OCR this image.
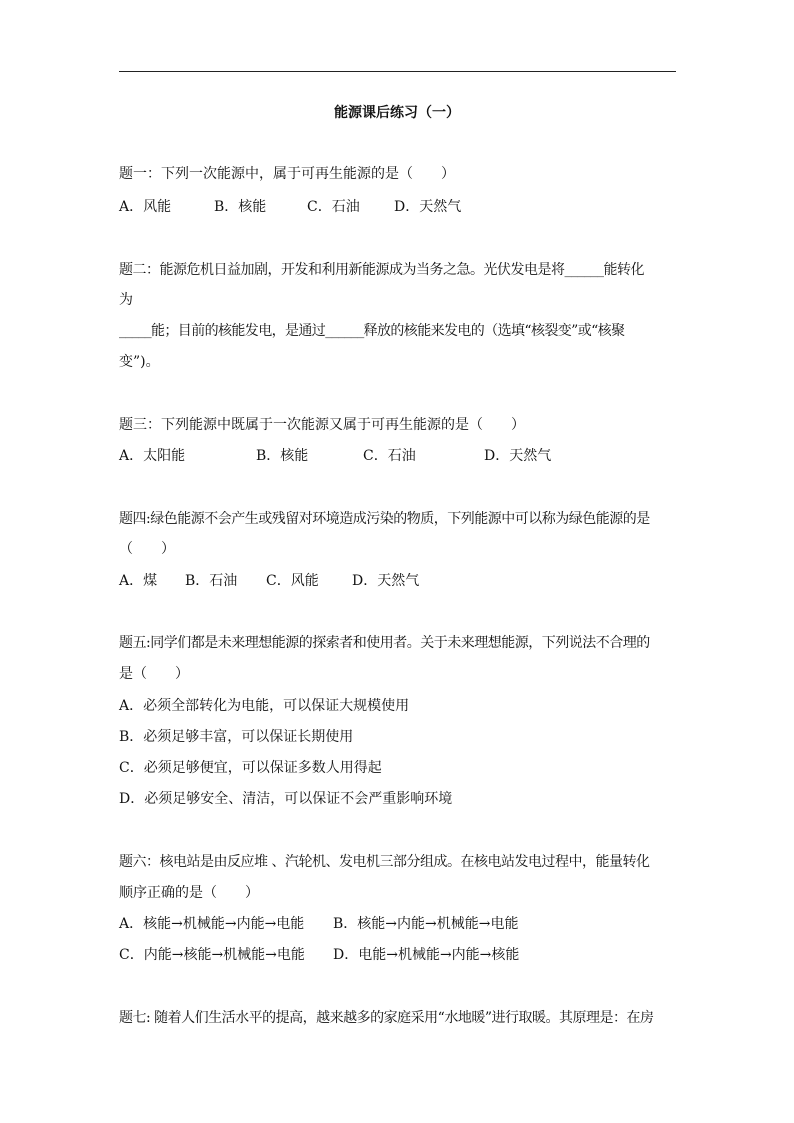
能源课后练习（一）
题一：下列一次能源中，属于可再生能源的是（　　）
A．风能	B．核能	C．石油 D．天然气
题二：能源危机日益加剧，开发和利用新能源成为当务之急。光伏发电是将______能转化
为
_____能；目前的核能发电，是通过______释放的核能来发电的（选填“核裂变”或“核聚
变”)。
题三：下列能源中既属于一次能源又属于可再生能源的是（　　）
A．太阳能	B．核能	C．石油	D．天然气
题四:绿色能源不会产生或残留对环境造成污染的物质，下列能源中可以称为绿色能源的是
（　　）
A．煤 B．石油 C．风能 D．天然气
题五:同学们都是未来理想能源的探索者和使用者。关于未来理想能源，下列说法不合理的
是（　　）
A．必须全部转化为电能，可以保证大规模使用
B．必须足够丰富，可以保证长期使用
C．必须足够便宜，可以保证多数人用得起
D．必须足够安全、清洁，可以保证不会严重影响环境
题六：核电站是由反应堆 、汽轮机、发电机三部分组成。在核电站发电过程中，能量转化
顺序正确的是（　　）
A．核能→机械能→内能→电能 B．核能→内能→机械能→电能
C．内能→核能→机械能→电能 D．电能→机械能→内能→核能
题七: 随着人们生活水平的提高，越来越多的家庭采用“水地暖”进行取暖。其原理是：在房
